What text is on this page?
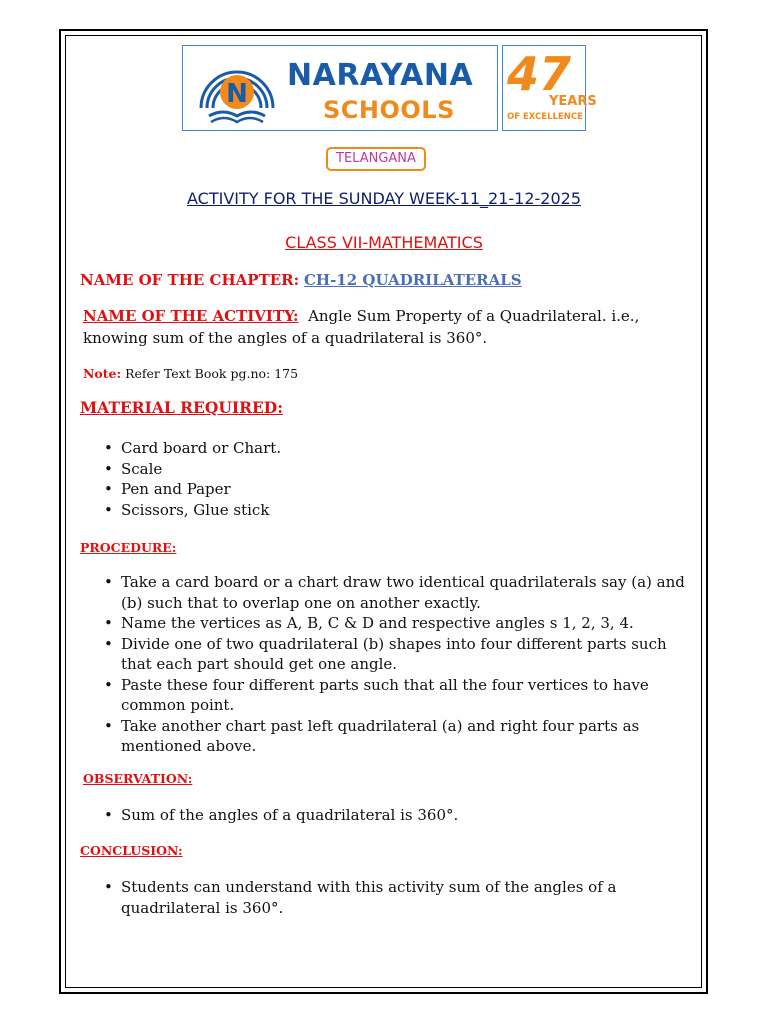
N
NARAYANA
SCHOOLS
47
YEARS
OF EXCELLENCE
TELANGANA
ACTIVITY FOR THE SUNDAY WEEK-11_21-12-2025
CLASS VII-MATHEMATICS
NAME OF THE CHAPTER: CH-12 QUADRILATERALS
NAME OF THE ACTIVITY: Angle Sum Property of a Quadrilateral. i.e., knowing sum of the angles of a quadrilateral is 360°.
Note: Refer Text Book pg.no: 175
MATERIAL REQUIRED:
• Card board or Chart.
• Scale
• Pen and Paper
• Scissors, Glue stick
PROCEDURE:
• Take a card board or a chart draw two identical quadrilaterals say (a) and (b) such that to overlap one on another exactly.
• Name the vertices as A, B, C & D and respective angles s 1, 2, 3, 4.
• Divide one of two quadrilateral (b) shapes into four different parts such that each part should get one angle.
• Paste these four different parts such that all the four vertices to have common point.
• Take another chart past left quadrilateral (a) and right four parts as mentioned above.
OBSERVATION:
• Sum of the angles of a quadrilateral is 360°.
CONCLUSION:
• Students can understand with this activity sum of the angles of a quadrilateral is 360°.
